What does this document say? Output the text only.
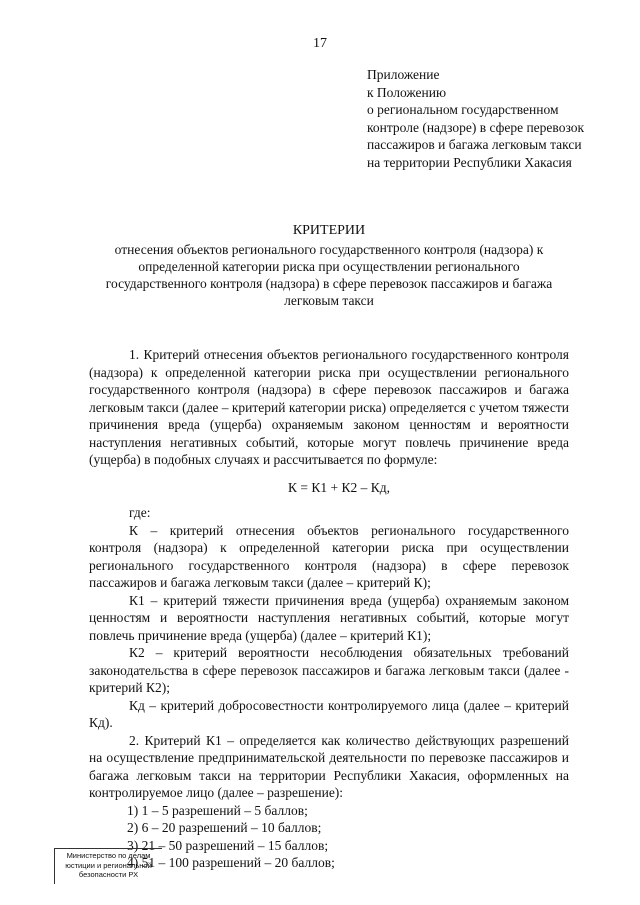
17
Приложение
к Положению
о региональном государственном
контроле (надзоре) в сфере перевозок
пассажиров и багажа легковым такси
на территории Республики Хакасия
КРИТЕРИИ
отнесения объектов регионального государственного контроля (надзора) к определенной категории риска при осуществлении регионального государственного контроля (надзора) в сфере перевозок пассажиров и багажа легковым такси

1. Критерий отнесения объектов регионального государственного контроля (надзора) к определенной категории риска при осуществлении регионального государственного контроля (надзора) в сфере перевозок пассажиров и багажа легковым такси (далее – критерий категории риска) определяется с учетом тяжести причинения вреда (ущерба) охраняемым законом ценностям и вероятности наступления негативных событий, которые могут повлечь причинение вреда (ущерба) в подобных случаях и рассчитывается по формуле:

К = К1 + К2 – Кд,

где:

К – критерий отнесения объектов регионального государственного контроля (надзора) к определенной категории риска при осуществлении регионального государственного контроля (надзора) в сфере перевозок пассажиров и багажа легковым такси (далее – критерий К);

К1 – критерий тяжести причинения вреда (ущерба) охраняемым законом ценностям и вероятности наступления негативных событий, которые могут повлечь причинение вреда (ущерба) (далее – критерий К1);

К2 – критерий вероятности несоблюдения обязательных требований законодательства в сфере перевозок пассажиров и багажа легковым такси (далее - критерий К2);

Кд – критерий добросовестности контролируемого лица (далее – критерий Кд).

2. Критерий К1 – определяется как количество действующих разрешений на осуществление предпринимательской деятельности по перевозке пассажиров и багажа легковым такси на территории Республики Хакасия, оформленных на контролируемое лицо (далее – разрешение):

1) 1 – 5 разрешений – 5 баллов;

2) 6 – 20 разрешений – 10 баллов;

3) 21 – 50 разрешений – 15 баллов;

4) 51 – 100 разрешений – 20 баллов;

Министерство по делам
юстиции и региональной
безопасности РХ
